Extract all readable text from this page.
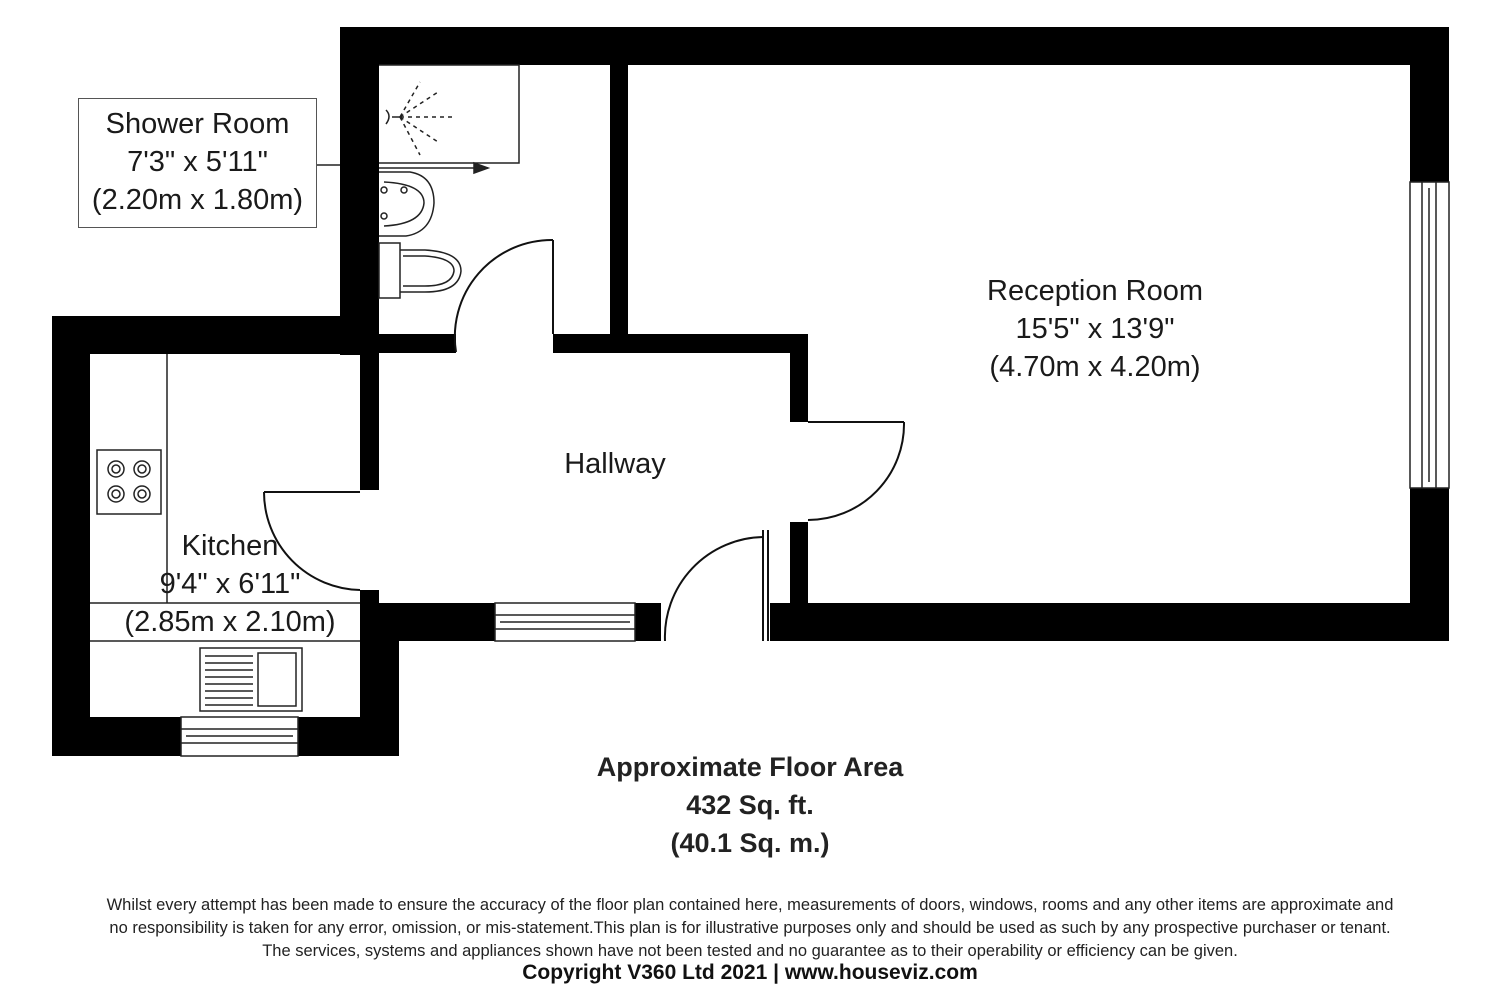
Shower Room
7'3" x 5'11"
(2.20m x 1.80m)
Reception Room
15'5" x 13'9"
(4.70m x 4.20m)
Hallway
Kitchen
9'4" x 6'11"
(2.85m x 2.10m)
Approximate Floor Area
432 Sq. ft.
(40.1 Sq. m.)
Whilst every attempt has been made to ensure the accuracy of the floor plan contained here, measurements of doors, windows, rooms and any other items are approximate and
no responsibility is taken for any error, omission, or mis-statement.This plan is for illustrative purposes only and should be used as such by any prospective purchaser or tenant.
The services, systems and appliances shown have not been tested and no guarantee as to their operability or efficiency can be given.
Copyright V360 Ltd 2021 | www.houseviz.com
